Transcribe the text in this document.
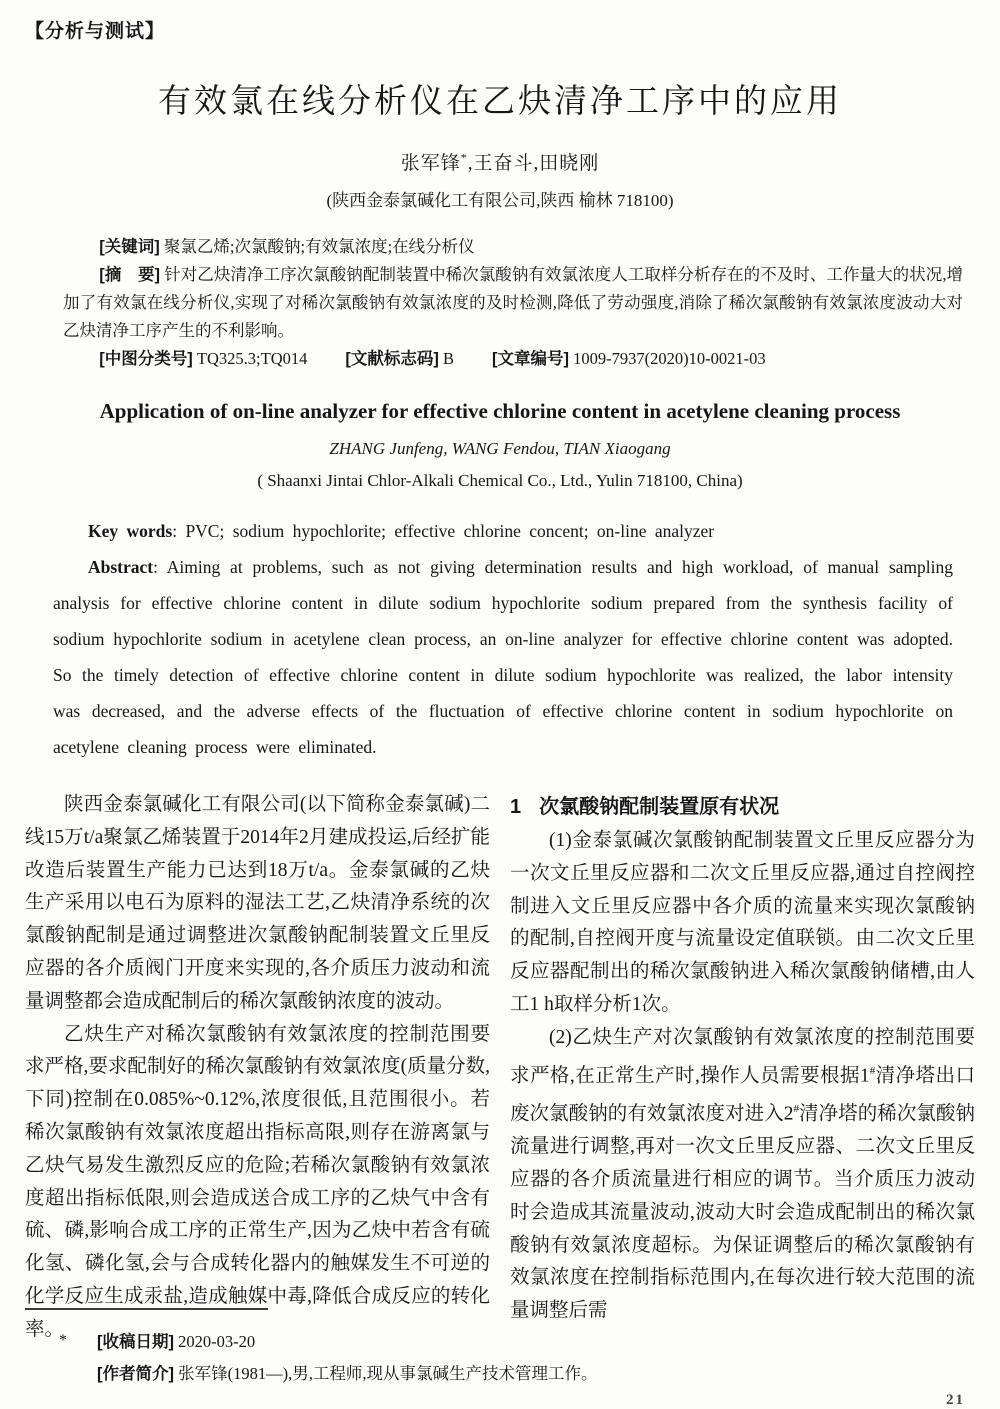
【分析与测试】
有效氯在线分析仪在乙炔清净工序中的应用
张军锋*,王奋斗,田晓刚
(陕西金泰氯碱化工有限公司,陕西 榆林 718100)

[关键词] 聚氯乙烯;次氯酸钠;有效氯浓度;在线分析仪

[摘　要] 针对乙炔清净工序次氯酸钠配制装置中稀次氯酸钠有效氯浓度人工取样分析存在的不及时、工作量大的状况,增加了有效氯在线分析仪,实现了对稀次氯酸钠有效氯浓度的及时检测,降低了劳动强度,消除了稀次氯酸钠有效氯浓度波动大对乙炔清净工序产生的不利影响。

[中图分类号] TQ325.3;TQ014 [文献标志码] B [文章编号] 1009-7937(2020)10-0021-03

Application of on-line analyzer for effective chlorine content in acetylene cleaning process
ZHANG Junfeng, WANG Fendou, TIAN Xiaogang
( Shaanxi Jintai Chlor-Alkali Chemical Co., Ltd., Yulin 718100, China)

Key words: PVC; sodium hypochlorite; effective chlorine concent; on-line analyzer

Abstract: Aiming at problems, such as not giving determination results and high workload, of manual sampling analysis for effective chlorine content in dilute sodium hypochlorite sodium prepared from the synthesis facility of sodium hypochlorite sodium in acetylene clean process, an on-line analyzer for effective chlorine content was adopted. So the timely detection of effective chlorine content in dilute sodium hypochlorite was realized, the labor intensity was decreased, and the adverse effects of the fluctuation of effective chlorine content in sodium hypochlorite on acetylene cleaning process were eliminated.

陕西金泰氯碱化工有限公司(以下简称金泰氯碱)二线15万t/a聚氯乙烯装置于2014年2月建成投运,后经扩能改造后装置生产能力已达到18万t/a。金泰氯碱的乙炔生产采用以电石为原料的湿法工艺,乙炔清净系统的次氯酸钠配制是通过调整进次氯酸钠配制装置文丘里反应器的各介质阀门开度来实现的,各介质压力波动和流量调整都会造成配制后的稀次氯酸钠浓度的波动。

乙炔生产对稀次氯酸钠有效氯浓度的控制范围要求严格,要求配制好的稀次氯酸钠有效氯浓度(质量分数,下同)控制在0.085%~0.12%,浓度很低,且范围很小。若稀次氯酸钠有效氯浓度超出指标高限,则存在游离氯与乙炔气易发生激烈反应的危险;若稀次氯酸钠有效氯浓度超出指标低限,则会造成送合成工序的乙炔气中含有硫、磷,影响合成工序的正常生产,因为乙炔中若含有硫化氢、磷化氢,会与合成转化器内的触媒发生不可逆的化学反应生成汞盐,造成触媒中毒,降低合成反应的转化率。

1 次氯酸钠配制装置原有状况

(1)金泰氯碱次氯酸钠配制装置文丘里反应器分为一次文丘里反应器和二次文丘里反应器,通过自控阀控制进入文丘里反应器中各介质的流量来实现次氯酸钠的配制,自控阀开度与流量设定值联锁。由二次文丘里反应器配制出的稀次氯酸钠进入稀次氯酸钠储槽,由人工1 h取样分析1次。

(2)乙炔生产对次氯酸钠有效氯浓度的控制范围要求严格,在正常生产时,操作人员需要根据1#清净塔出口废次氯酸钠的有效氯浓度对进入2#清净塔的稀次氯酸钠流量进行调整,再对一次文丘里反应器、二次文丘里反应器的各介质流量进行相应的调节。当介质压力波动时会造成其流量波动,波动大时会造成配制出的稀次氯酸钠有效氯浓度超标。为保证调整后的稀次氯酸钠有效氯浓度在控制指标范围内,在每次进行较大范围的流量调整后需

* [收稿日期] 2020-03-20
[作者简介] 张军锋(1981—),男,工程师,现从事氯碱生产技术管理工作。
21
